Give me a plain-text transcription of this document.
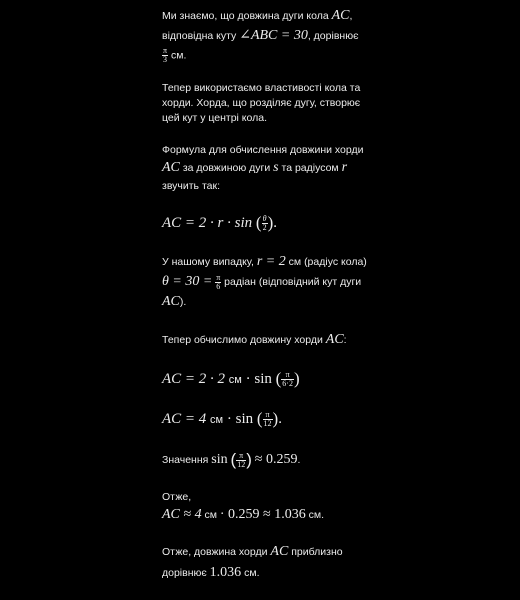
Ми знаємо, що довжина дуги кола AC,
відповідна куту ∠ABC = 30, дорівнює

$\frac{\pi}{3}$ см.

Тепер використаємо властивості кола та
хорди. Хорда, що розділяє дугу, створює
цей кут у центрі кола.

Формула для обчислення довжини хорди
AC за довжиною дуги s та радіусом r
звучить так:

AC = 2 · r · sin ( $\frac{\theta}{2}$ ).

У нашому випадку, r = 2 см (радіус кола)
$\theta = 30 = \frac{\pi}{6}$ радіан (відповідний кут дуги
AC).

Тепер обчислимо довжину хорди AC:

AC = 2 · 2 см · sin ( $\frac{\pi}{6\cdot 2}$ )
AC = 4 см · sin ( $\frac{\pi}{12}$ ).

Значення sin ( $\frac{\pi}{12}$ ) ≈ 0.259.

Отже,
AC ≈ 4 см · 0.259 ≈ 1.036 см.

Отже, довжина хорди AC приблизно
дорівнює 1.036 см.
